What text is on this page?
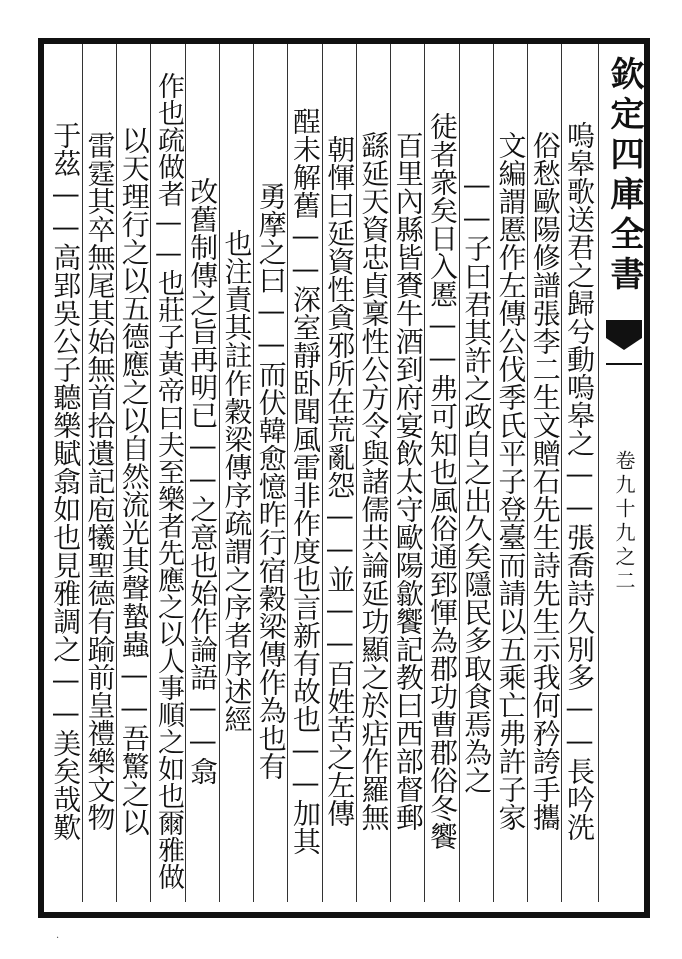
欽定四庫全書
卷九十九之二
嗚皋歌送君之歸兮動嗚皋之——張喬詩久別多——長吟洗
俗愁歐陽修譜張李二生文贈石先生詩先生示我何矜誇手攜
文編謂慝作左傳公伐季氏平子登臺而請以五乘亡弗許子家
——子曰君其許之政自之出久矣隱民多取食焉為之
徒者衆矣日入慝——弗可知也風俗通郅惲為郡功曹郡俗冬饗
百里內縣皆賚牛酒到府宴飲太守歐陽歙饗記教曰西部督郵
繇延天資忠貞稟性公方令與諸儒共論延功顯之於痁作羅無
朝惲曰延資性貪邪所在荒亂怨——並——百姓苦之左傳
酲未解舊——深室靜卧聞風雷非作度也言新有故也——加其
勇摩之曰——而伏韓愈憶昨行宿穀梁傳作為也有
也注責其註作穀梁傳序疏謂之序者序述經
改舊制傳之旨再明已——之意也始作論語——翕
作也疏做者——也莊子黃帝曰夫至樂者先應之以人事順之如也爾雅做
以天理行之以五德應之以自然流光其聲蟄蟲——吾驚之以
雷霆其卒無尾其始無首拾遺記庖犧聖德有踰前皇禮樂文物
于茲——高郢吳公子聽樂賦翕如也見雅調之——美矣哉歎
·
